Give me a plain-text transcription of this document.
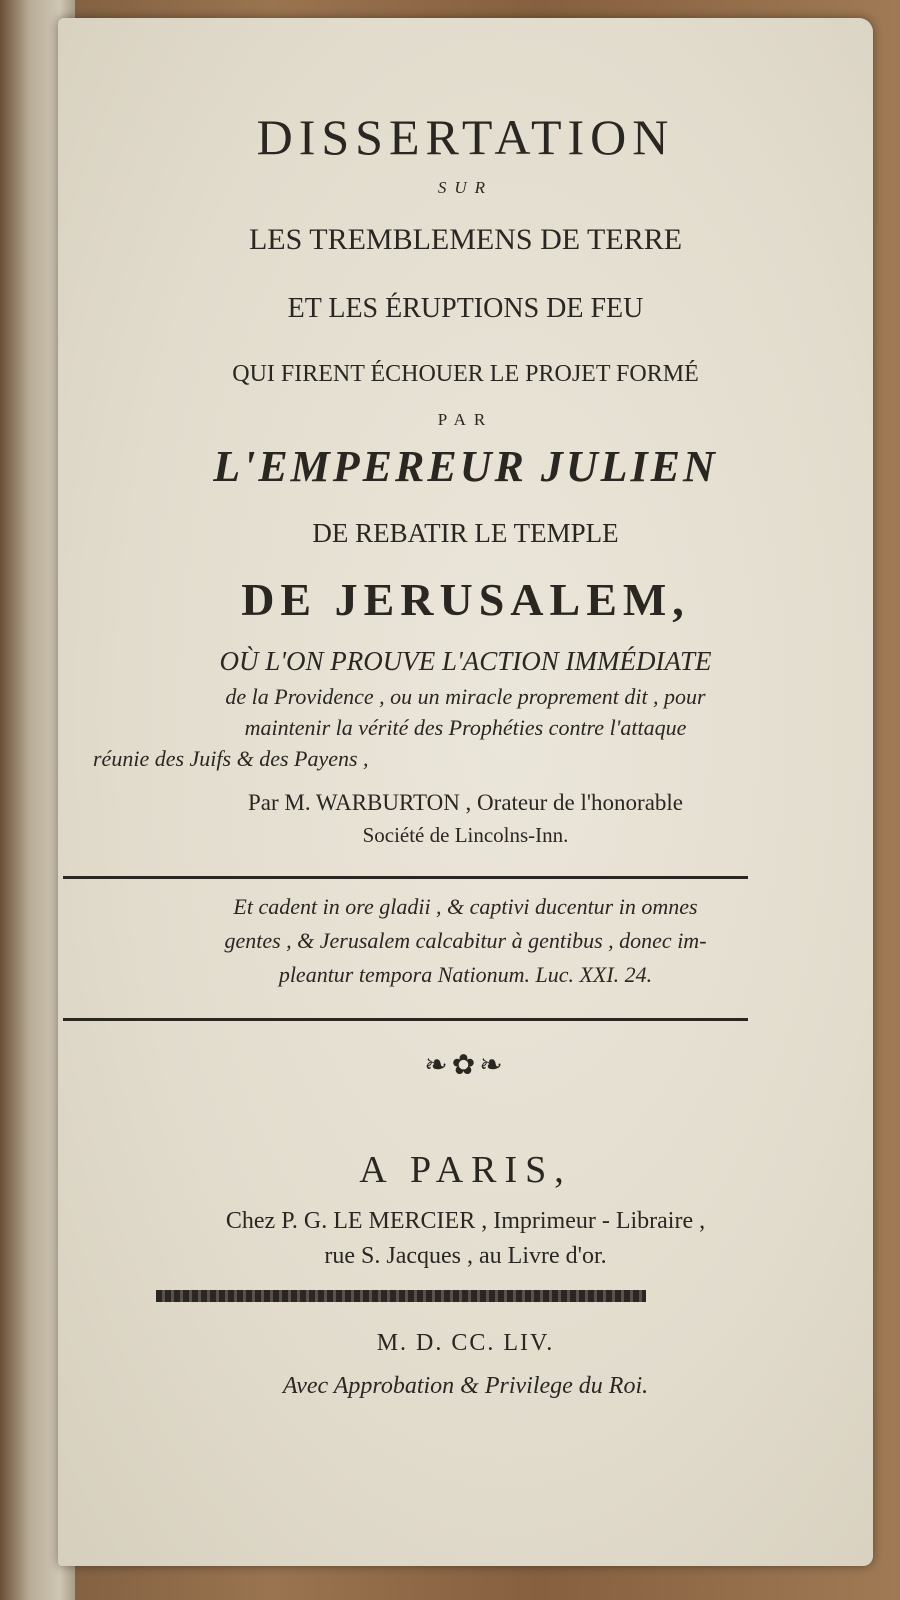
DISSERTATION
SUR
LES TREMBLEMENS DE TERRE
ET LES ÉRUPTIONS DE FEU
QUI FIRENT ÉCHOUER LE PROJET FORMÉ
PAR
L'EMPEREUR JULIEN
DE REBATIR LE TEMPLE
DE JERUSALEM,
OÙ L'ON PROUVE L'ACTION IMMÉDIATE
de la Providence , ou un miracle proprement dit , pour
maintenir la vérité des Prophéties contre l'attaque
réunie des Juifs & des Payens ,
Par M. WARBURTON , Orateur de l'honorable
Société de Lincolns-Inn.
Et cadent in ore gladii , & captivi ducentur in omnes
gentes , & Jerusalem calcabitur à gentibus , donec im-
pleantur tempora Nationum. Luc. XXI. 24.
❧✿❧
A PARIS,
Chez P. G. LE MERCIER , Imprimeur - Libraire ,
rue S. Jacques , au Livre d'or.
M. D. CC. LIV.
Avec Approbation & Privilege du Roi.
